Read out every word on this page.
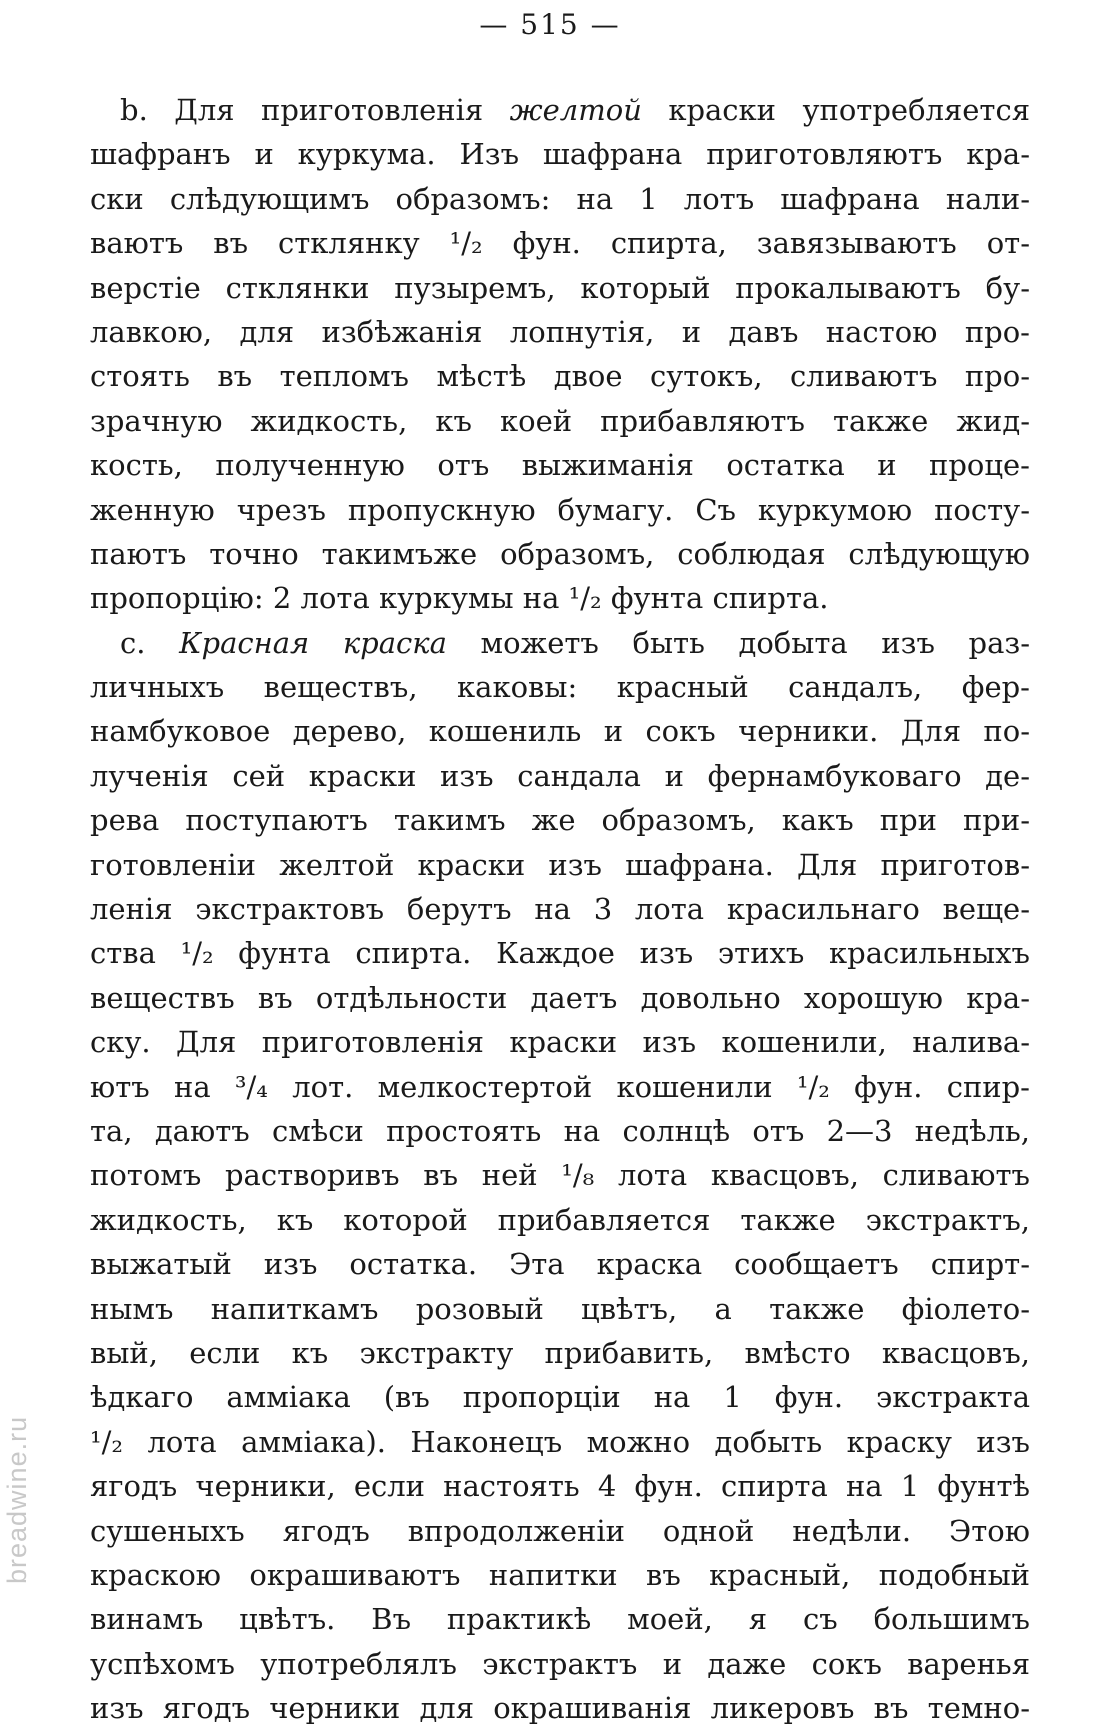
— 515 —
b. Для приготовленія желтой краски употребляется
шафранъ и куркума. Изъ шафрана приготовляютъ кра-
ски слѣдующимъ образомъ: на 1 лотъ шафрана нали-
ваютъ въ стклянку ¹/₂ фун. спирта, завязываютъ от-
верстіе стклянки пузыремъ, который прокалываютъ бу-
лавкою, для избѣжанія лопнутія, и давъ настою про-
стоять въ тепломъ мѣстѣ двое сутокъ, сливаютъ про-
зрачную жидкость, къ коей прибавляютъ также жид-
кость, полученную отъ выжиманія остатка и проце-
женную чрезъ пропускную бумагу. Съ куркумою посту-
паютъ точно такимъже образомъ, соблюдая слѣдующую
пропорцію: 2 лота куркумы на ¹/₂ фунта спирта.
c. Красная краска можетъ быть добыта изъ раз-
личныхъ веществъ, каковы: красный сандалъ, фер-
намбуковое дерево, кошениль и сокъ черники. Для по-
лученія сей краски изъ сандала и фернамбуковаго де-
рева поступаютъ такимъ же образомъ, какъ при при-
готовленіи желтой краски изъ шафрана. Для приготов-
ленія экстрактовъ берутъ на 3 лота красильнаго веще-
ства ¹/₂ фунта спирта. Каждое изъ этихъ красильныхъ
веществъ въ отдѣльности даетъ довольно хорошую кра-
ску. Для приготовленія краски изъ кошенили, налива-
ютъ на ³/₄ лот. мелкостертой кошенили ¹/₂ фун. спир-
та, даютъ смѣси простоять на солнцѣ отъ 2—3 недѣль,
потомъ растворивъ въ ней ¹/₈ лота квасцовъ, сливаютъ
жидкость, къ которой прибавляется также экстрактъ,
выжатый изъ остатка. Эта краска сообщаетъ спирт-
нымъ напиткамъ розовый цвѣтъ, а также фіолето-
вый, если къ экстракту прибавить, вмѣсто квасцовъ,
ѣдкаго амміака (въ пропорціи на 1 фун. экстракта
¹/₂ лота амміака). Наконецъ можно добыть краску изъ
ягодъ черники, если настоять 4 фун. спирта на 1 фунтѣ
сушеныхъ ягодъ впродолженіи одной недѣли. Этою
краскою окрашиваютъ напитки въ красный, подобный
винамъ цвѣтъ. Въ практикѣ моей, я съ большимъ
успѣхомъ употреблялъ экстрактъ и даже сокъ варенья
изъ ягодъ черники для окрашиванія ликеровъ въ темно-
breadwine.ru
